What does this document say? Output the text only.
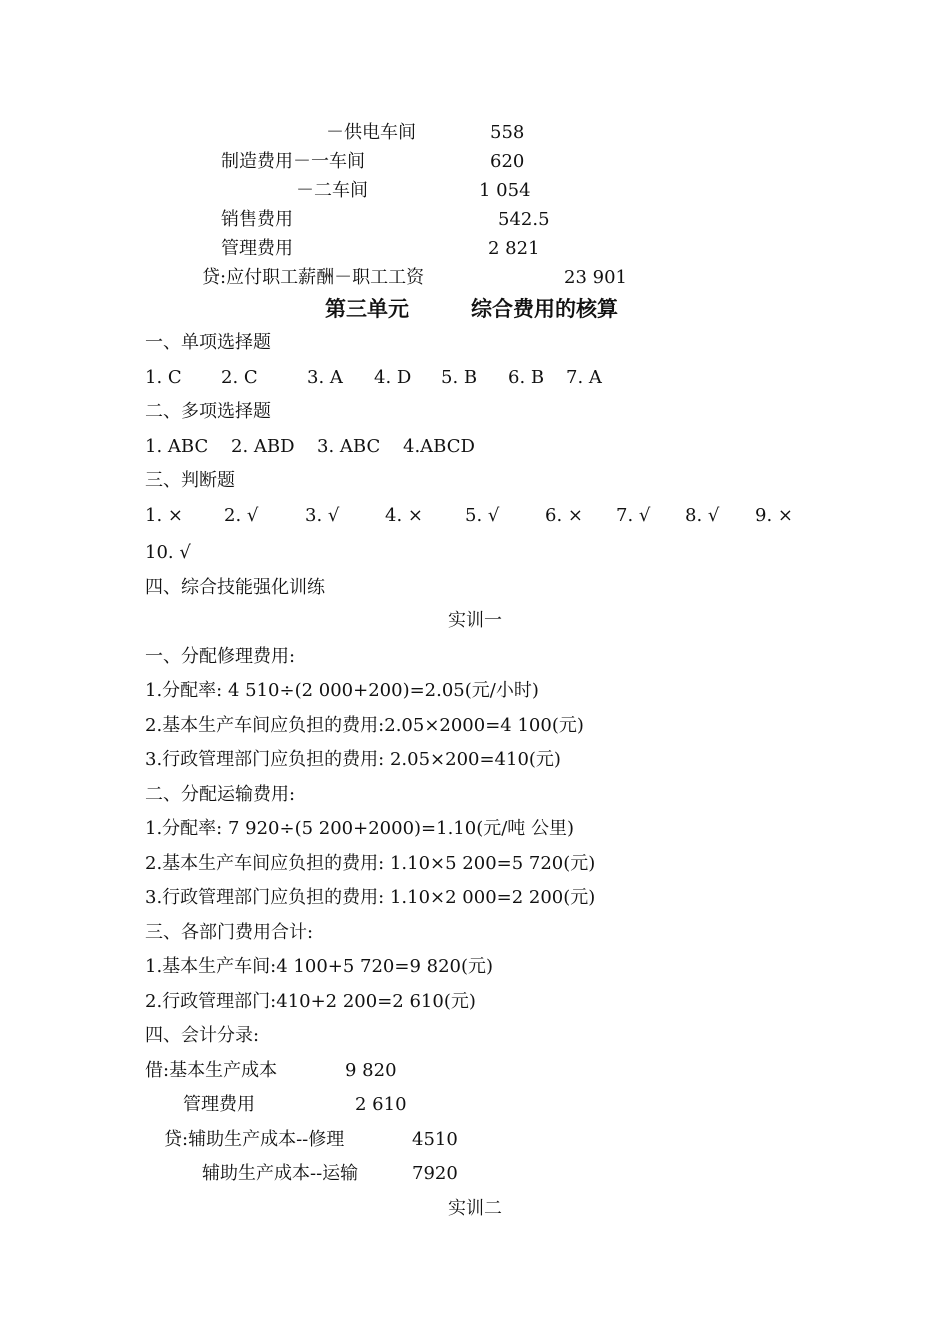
－供电车间	558
制造费用－一车间	620
－二车间	1 054
销售费用	542.5
管理费用	2 821
贷:应付职工薪酬－职工工资	23 901
第三单元	综合费用的核算
一、单项选择题
1. C 2. C	3. A 4. D 5. B 6. B 7. A
二、多项选择题
1. ABC 2. ABD 3. ABC 4.ABCD
三、判断题
1. × 2. √	3. √	4. × 5. √	6. × 7. √ 8. √ 9. ×
10. √
四、综合技能强化训练
实训一
一、分配修理费用:
1.分配率: 4 510÷(2 000+200)=2.05(元/小时)
2.基本生产车间应负担的费用:2.05×2000=4 100(元)
3.行政管理部门应负担的费用: 2.05×200=410(元)
二、分配运输费用:
1.分配率: 7 920÷(5 200+2000)=1.10(元/吨 公里)
2.基本生产车间应负担的费用: 1.10×5 200=5 720(元)
3.行政管理部门应负担的费用: 1.10×2 000=2 200(元)
三、各部门费用合计:
1.基本生产车间:4 100+5 720=9 820(元)
2.行政管理部门:410+2 200=2 610(元)
四、会计分录:
借:基本生产成本	9 820
管理费用	2 610
贷:辅助生产成本--修理	4510
辅助生产成本--运输	7920
实训二
